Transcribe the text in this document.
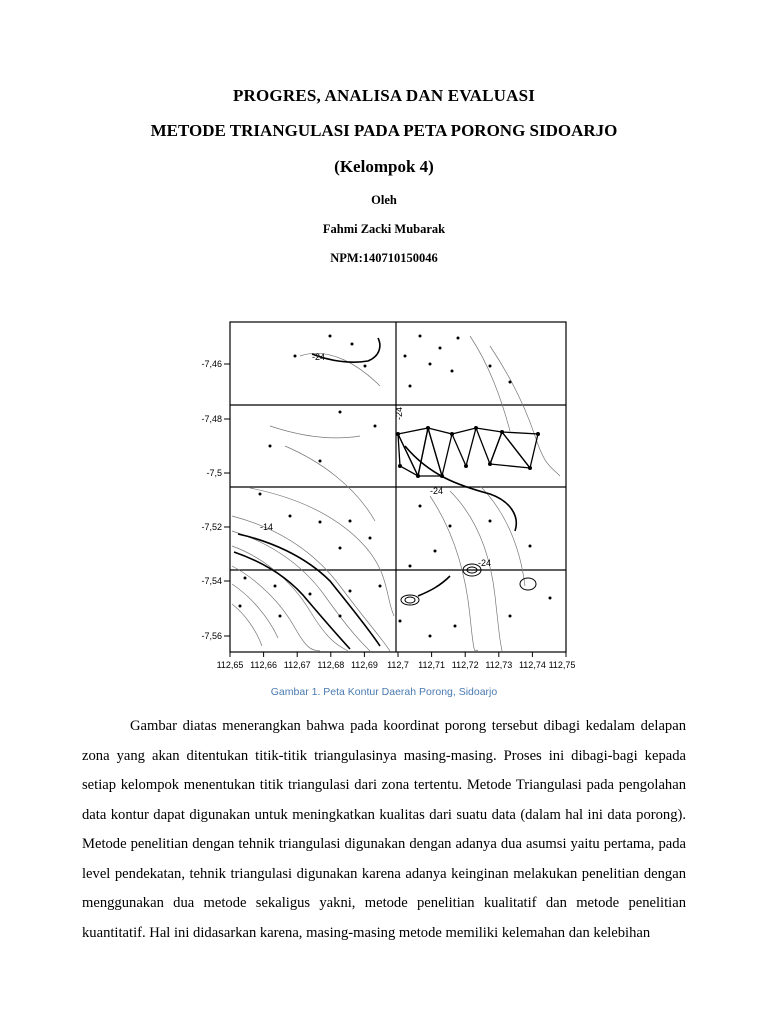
PROGRES, ANALISA DAN EVALUASI
METODE TRIANGULASI PADA PETA PORONG SIDOARJO
(Kelompok 4)
Oleh
Fahmi Zacki Mubarak
NPM:140710150046
-24
-24
-24
-14
-24
-7,46
-7,48
-7,5
-7,52
-7,54
-7,56
112,65 112,66 112,67 112,68 112,69 112,7 112,71 112,72 112,73 112,74 112,75
Gambar 1. Peta Kontur Daerah Porong, Sidoarjo

Gambar diatas menerangkan bahwa pada koordinat porong tersebut dibagi kedalam delapan zona yang akan ditentukan titik-titik triangulasinya masing-masing. Proses ini dibagi-bagi kepada setiap kelompok menentukan titik triangulasi dari zona tertentu. Metode Triangulasi pada pengolahan data kontur dapat digunakan untuk meningkatkan kualitas dari suatu data (dalam hal ini data porong). Metode penelitian dengan tehnik triangulasi digunakan dengan adanya dua asumsi yaitu pertama, pada level pendekatan, tehnik triangulasi digunakan karena adanya keinginan melakukan penelitian dengan menggunakan dua metode sekaligus yakni, metode penelitian kualitatif dan metode penelitian kuantitatif. Hal ini didasarkan karena, masing-masing metode memiliki kelemahan dan kelebihan
